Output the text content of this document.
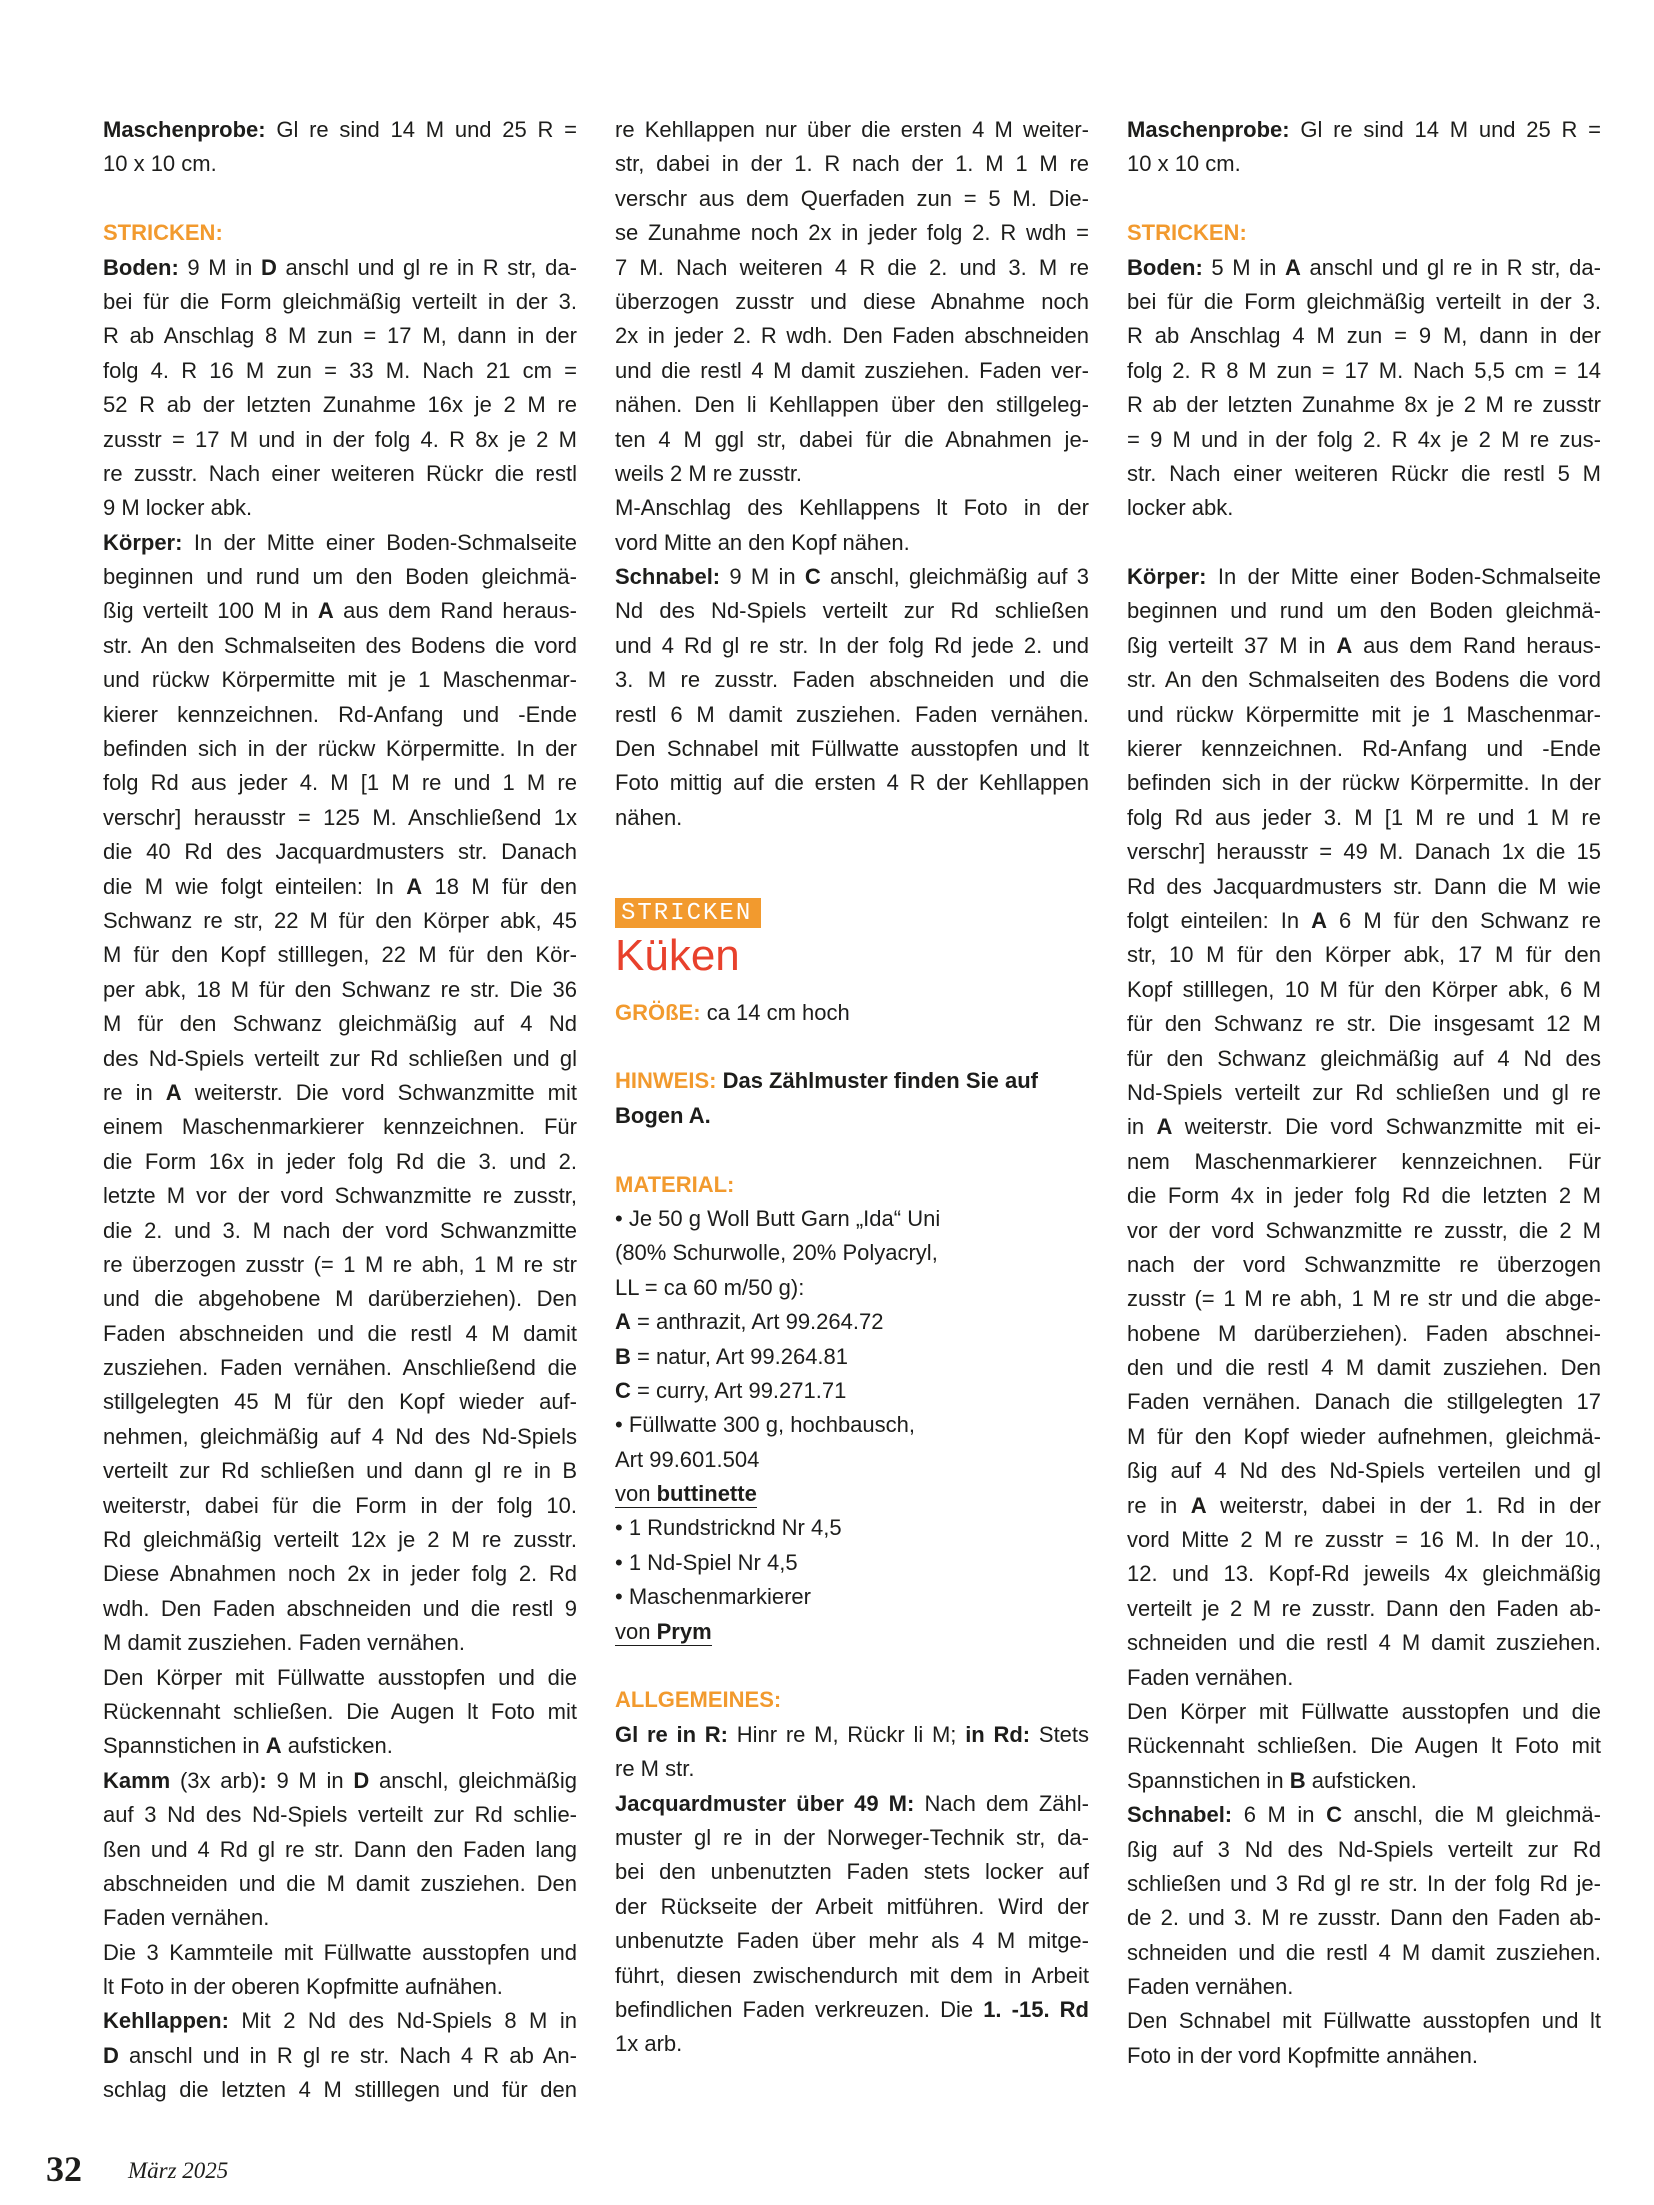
Maschenprobe: Gl re sind 14 M und 25 R =
10 x 10 cm.
STRICKEN:
Boden: 9 M in D anschl und gl re in R str, da-
bei für die Form gleichmäßig verteilt in der 3.
R ab Anschlag 8 M zun = 17 M, dann in der
folg 4. R 16 M zun = 33 M. Nach 21 cm =
52 R ab der letzten Zunahme 16x je 2 M re
zusstr = 17 M und in der folg 4. R 8x je 2 M
re zusstr. Nach einer weiteren Rückr die restl
9 M locker abk.
Körper: In der Mitte einer Boden-Schmalseite
beginnen und rund um den Boden gleichmä-
ßig verteilt 100 M in A aus dem Rand heraus-
str. An den Schmalseiten des Bodens die vord
und rückw Körpermitte mit je 1 Maschenmar-
kierer kennzeichnen. Rd-Anfang und -Ende
befinden sich in der rückw Körpermitte. In der
folg Rd aus jeder 4. M [1 M re und 1 M re
verschr] herausstr = 125 M. Anschließend 1x
die 40 Rd des Jacquardmusters str. Danach
die M wie folgt einteilen: In A 18 M für den
Schwanz re str, 22 M für den Körper abk, 45
M für den Kopf stilllegen, 22 M für den Kör-
per abk, 18 M für den Schwanz re str. Die 36
M für den Schwanz gleichmäßig auf 4 Nd
des Nd-Spiels verteilt zur Rd schließen und gl
re in A weiterstr. Die vord Schwanzmitte mit
einem Maschenmarkierer kennzeichnen. Für
die Form 16x in jeder folg Rd die 3. und 2.
letzte M vor der vord Schwanzmitte re zusstr,
die 2. und 3. M nach der vord Schwanzmitte
re überzogen zusstr (= 1 M re abh, 1 M re str
und die abgehobene M darüberziehen). Den
Faden abschneiden und die restl 4 M damit
zusziehen. Faden vernähen. Anschließend die
stillgelegten 45 M für den Kopf wieder auf-
nehmen, gleichmäßig auf 4 Nd des Nd-Spiels
verteilt zur Rd schließen und dann gl re in B
weiterstr, dabei für die Form in der folg 10.
Rd gleichmäßig verteilt 12x je 2 M re zusstr.
Diese Abnahmen noch 2x in jeder folg 2. Rd
wdh. Den Faden abschneiden und die restl 9
M damit zusziehen. Faden vernähen.
Den Körper mit Füllwatte ausstopfen und die
Rückennaht schließen. Die Augen lt Foto mit
Spannstichen in A aufsticken.
Kamm (3x arb): 9 M in D anschl, gleichmäßig
auf 3 Nd des Nd-Spiels verteilt zur Rd schlie-
ßen und 4 Rd gl re str. Dann den Faden lang
abschneiden und die M damit zusziehen. Den
Faden vernähen.
Die 3 Kammteile mit Füllwatte ausstopfen und
lt Foto in der oberen Kopfmitte aufnähen.
Kehllappen: Mit 2 Nd des Nd-Spiels 8 M in
D anschl und in R gl re str. Nach 4 R ab An-
schlag die letzten 4 M stilllegen und für den
re Kehllappen nur über die ersten 4 M weiter-
str, dabei in der 1. R nach der 1. M 1 M re
verschr aus dem Querfaden zun = 5 M. Die-
se Zunahme noch 2x in jeder folg 2. R wdh =
7 M. Nach weiteren 4 R die 2. und 3. M re
überzogen zusstr und diese Abnahme noch
2x in jeder 2. R wdh. Den Faden abschneiden
und die restl 4 M damit zusziehen. Faden ver-
nähen. Den li Kehllappen über den stillgeleg-
ten 4 M ggl str, dabei für die Abnahmen je-
weils 2 M re zusstr.
M-Anschlag des Kehllappens lt Foto in der
vord Mitte an den Kopf nähen.
Schnabel: 9 M in C anschl, gleichmäßig auf 3
Nd des Nd-Spiels verteilt zur Rd schließen
und 4 Rd gl re str. In der folg Rd jede 2. und
3. M re zusstr. Faden abschneiden und die
restl 6 M damit zusziehen. Faden vernähen.
Den Schnabel mit Füllwatte ausstopfen und lt
Foto mittig auf die ersten 4 R der Kehllappen
nähen.
STRICKEN
Küken
GRÖßE: ca 14 cm hoch
HINWEIS: Das Zählmuster finden Sie auf
Bogen A.
MATERIAL:
• Je 50 g Woll Butt Garn „Ida“ Uni
(80% Schurwolle, 20% Polyacryl,
LL = ca 60 m/50 g):
A = anthrazit, Art 99.264.72
B = natur, Art 99.264.81
C = curry, Art 99.271.71
• Füllwatte 300 g, hochbausch,
Art 99.601.504
von buttinette
• 1 Rundstricknd Nr 4,5
• 1 Nd-Spiel Nr 4,5
• Maschenmarkierer
von Prym
ALLGEMEINES:
Gl re in R: Hinr re M, Rückr li M; in Rd: Stets
re M str.
Jacquardmuster über 49 M: Nach dem Zähl-
muster gl re in der Norweger-Technik str, da-
bei den unbenutzten Faden stets locker auf
der Rückseite der Arbeit mitführen. Wird der
unbenutzte Faden über mehr als 4 M mitge-
führt, diesen zwischendurch mit dem in Arbeit
befindlichen Faden verkreuzen. Die 1. -15. Rd
1x arb.
Maschenprobe: Gl re sind 14 M und 25 R =
10 x 10 cm.
STRICKEN:
Boden: 5 M in A anschl und gl re in R str, da-
bei für die Form gleichmäßig verteilt in der 3.
R ab Anschlag 4 M zun = 9 M, dann in der
folg 2. R 8 M zun = 17 M. Nach 5,5 cm = 14
R ab der letzten Zunahme 8x je 2 M re zusstr
= 9 M und in der folg 2. R 4x je 2 M re zus-
str. Nach einer weiteren Rückr die restl 5 M
locker abk.
Körper: In der Mitte einer Boden-Schmalseite
beginnen und rund um den Boden gleichmä-
ßig verteilt 37 M in A aus dem Rand heraus-
str. An den Schmalseiten des Bodens die vord
und rückw Körpermitte mit je 1 Maschenmar-
kierer kennzeichnen. Rd-Anfang und -Ende
befinden sich in der rückw Körpermitte. In der
folg Rd aus jeder 3. M [1 M re und 1 M re
verschr] herausstr = 49 M. Danach 1x die 15
Rd des Jacquardmusters str. Dann die M wie
folgt einteilen: In A 6 M für den Schwanz re
str, 10 M für den Körper abk, 17 M für den
Kopf stilllegen, 10 M für den Körper abk, 6 M
für den Schwanz re str. Die insgesamt 12 M
für den Schwanz gleichmäßig auf 4 Nd des
Nd-Spiels verteilt zur Rd schließen und gl re
in A weiterstr. Die vord Schwanzmitte mit ei-
nem Maschenmarkierer kennzeichnen. Für
die Form 4x in jeder folg Rd die letzten 2 M
vor der vord Schwanzmitte re zusstr, die 2 M
nach der vord Schwanzmitte re überzogen
zusstr (= 1 M re abh, 1 M re str und die abge-
hobene M darüberziehen). Faden abschnei-
den und die restl 4 M damit zusziehen. Den
Faden vernähen. Danach die stillgelegten 17
M für den Kopf wieder aufnehmen, gleichmä-
ßig auf 4 Nd des Nd-Spiels verteilen und gl
re in A weiterstr, dabei in der 1. Rd in der
vord Mitte 2 M re zusstr = 16 M. In der 10.,
12. und 13. Kopf-Rd jeweils 4x gleichmäßig
verteilt je 2 M re zusstr. Dann den Faden ab-
schneiden und die restl 4 M damit zusziehen.
Faden vernähen.
Den Körper mit Füllwatte ausstopfen und die
Rückennaht schließen. Die Augen lt Foto mit
Spannstichen in B aufsticken.
Schnabel: 6 M in C anschl, die M gleichmä-
ßig auf 3 Nd des Nd-Spiels verteilt zur Rd
schließen und 3 Rd gl re str. In der folg Rd je-
de 2. und 3. M re zusstr. Dann den Faden ab-
schneiden und die restl 4 M damit zusziehen.
Faden vernähen.
Den Schnabel mit Füllwatte ausstopfen und lt
Foto in der vord Kopfmitte annähen.
32 März 2025
